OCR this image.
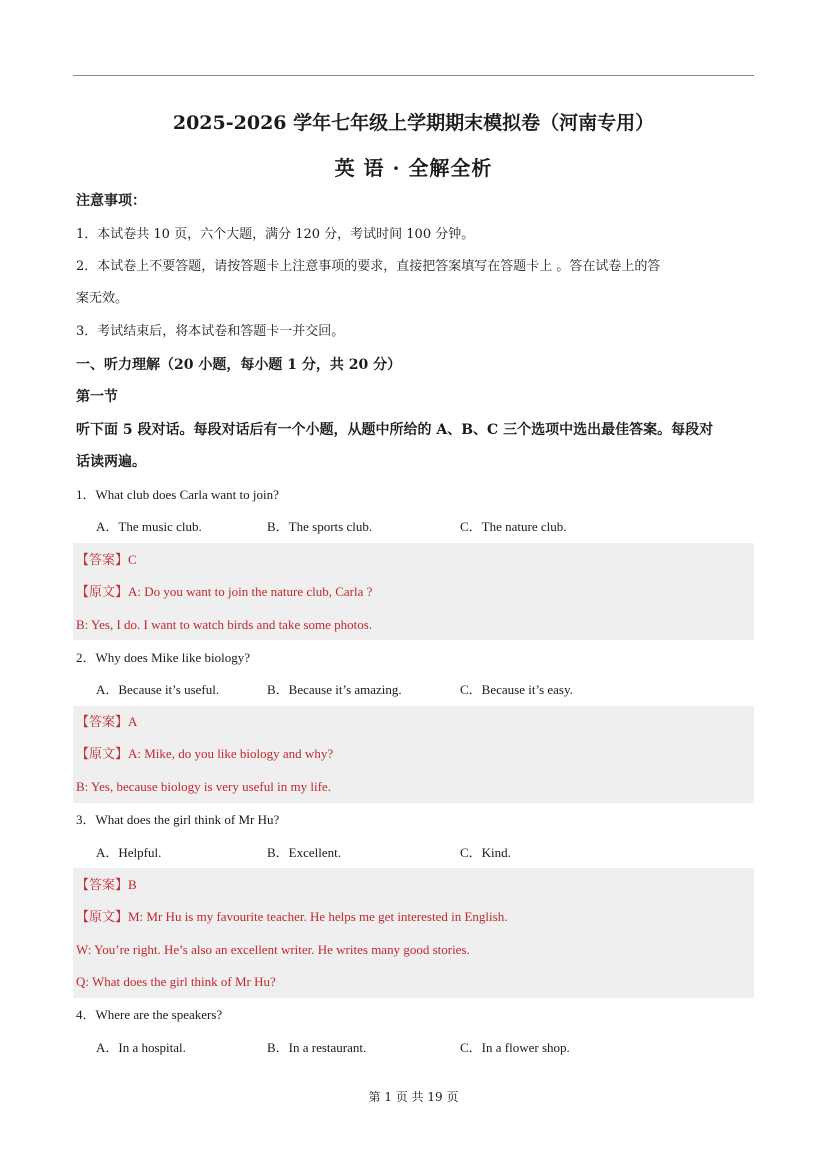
2025-2026 学年七年级上学期期末模拟卷（河南专用）
英 语 · 全解全析
注意事项：
1．本试卷共 10 页，六个大题，满分 120 分，考试时间 100 分钟。
2．本试卷上不要答题，请按答题卡上注意事项的要求，直接把答案填写在答题卡上 。答在试卷上的答
案无效。
3．考试结束后，将本试卷和答题卡一并交回。
一、听力理解（20 小题，每小题 1 分，共 20 分）
第一节
听下面 5 段对话。每段对话后有一个小题，从题中所给的 A、B、C 三个选项中选出最佳答案。每段对
话读两遍。
1．What club does Carla want to join?
A．The music club.	B．The sports club.	C．The nature club.
【答案】C
【原文】A: Do you want to join the nature club, Carla ?
B: Yes, I do. I want to watch birds and take some photos.
2．Why does Mike like biology?
A．Because it’s useful.	B．Because it’s amazing.	C．Because it’s easy.
【答案】A
【原文】A: Mike, do you like biology and why?
B: Yes, because biology is very useful in my life.
3．What does the girl think of Mr Hu?
A．Helpful.	B．Excellent.	C．Kind.
【答案】B
【原文】M: Mr Hu is my favourite teacher. He helps me get interested in English.
W: You’re right. He’s also an excellent writer. He writes many good stories.
Q: What does the girl think of Mr Hu?
4．Where are the speakers?
A．In a hospital.	B．In a restaurant.	C．In a flower shop.
第 1 页 共 19 页
